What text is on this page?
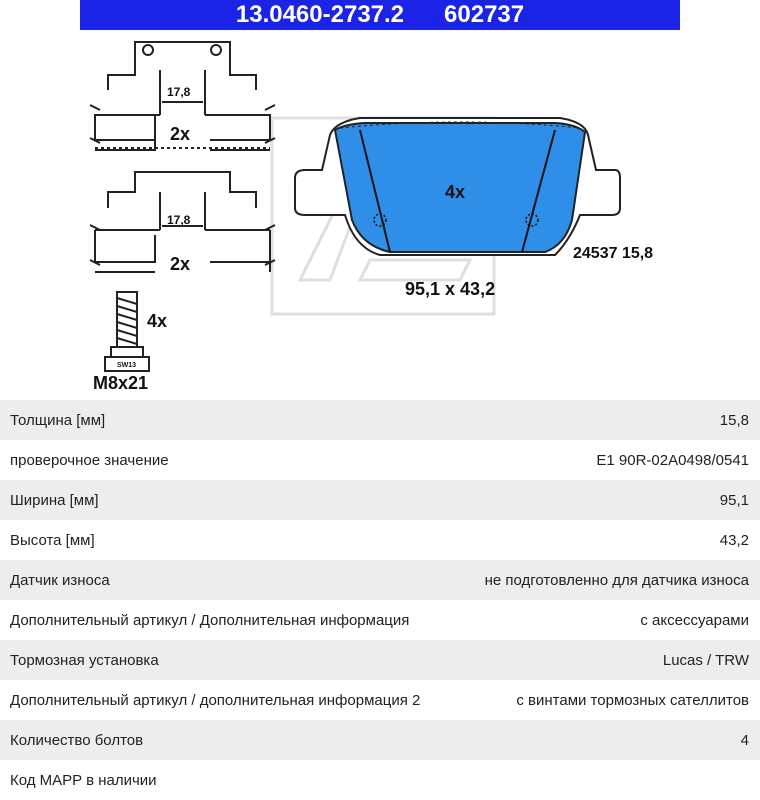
13.0460-2737.2 602737
17,8
2x
17,8
2x
4x
24537 15,8
95,1 x 43,2
SW13
4x
M8x21
Толщина [мм]	15,8
проверочное значение	E1 90R-02A0498/0541
Ширина [мм]	95,1
Высота [мм]	43,2
Датчик износа	не подготовленно для датчика износа
Дополнительный артикул / Дополнительная информация	с аксессуарами
Тормозная установка	Lucas / TRW
Дополнительный артикул / дополнительная информация 2	с винтами тормозных сателлитов
Количество болтов	4
Код MAPP в наличии
